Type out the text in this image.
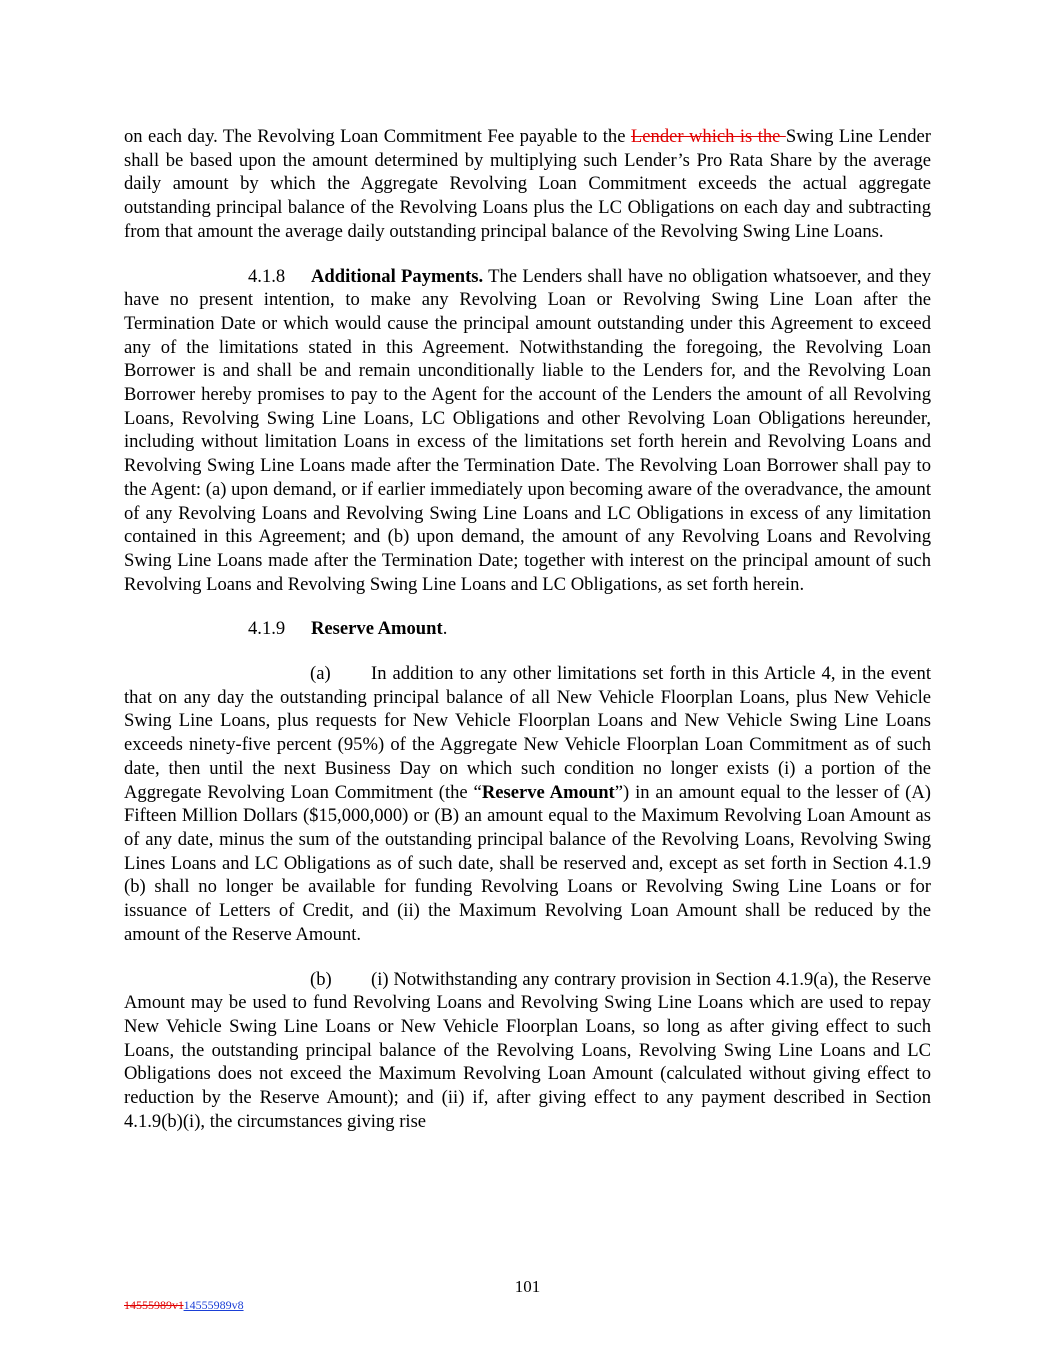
on each day. The Revolving Loan Commitment Fee payable to the Lender which is the Swing Line Lender shall be based upon the amount determined by multiplying such Lender’s Pro Rata Share by the average daily amount by which the Aggregate Revolving Loan Commitment exceeds the actual aggregate outstanding principal balance of the Revolving Loans plus the LC Obligations on each day and subtracting from that amount the average daily outstanding principal balance of the Revolving Swing Line Loans.

4.1.8 Additional Payments. The Lenders shall have no obligation whatsoever, and they have no present intention, to make any Revolving Loan or Revolving Swing Line Loan after the Termination Date or which would cause the principal amount outstanding under this Agreement to exceed any of the limitations stated in this Agreement. Notwithstanding the foregoing, the Revolving Loan Borrower is and shall be and remain unconditionally liable to the Lenders for, and the Revolving Loan Borrower hereby promises to pay to the Agent for the account of the Lenders the amount of all Revolving Loans, Revolving Swing Line Loans, LC Obligations and other Revolving Loan Obligations hereunder, including without limitation Loans in excess of the limitations set forth herein and Revolving Loans and Revolving Swing Line Loans made after the Termination Date. The Revolving Loan Borrower shall pay to the Agent: (a) upon demand, or if earlier immediately upon becoming aware of the overadvance, the amount of any Revolving Loans and Revolving Swing Line Loans and LC Obligations in excess of any limitation contained in this Agreement; and (b) upon demand, the amount of any Revolving Loans and Revolving Swing Line Loans made after the Termination Date; together with interest on the principal amount of such Revolving Loans and Revolving Swing Line Loans and LC Obligations, as set forth herein.

4.1.9 Reserve Amount.

(a) In addition to any other limitations set forth in this Article 4, in the event that on any day the outstanding principal balance of all New Vehicle Floorplan Loans, plus New Vehicle Swing Line Loans, plus requests for New Vehicle Floorplan Loans and New Vehicle Swing Line Loans exceeds ninety-five percent (95%) of the Aggregate New Vehicle Floorplan Loan Commitment as of such date, then until the next Business Day on which such condition no longer exists (i) a portion of the Aggregate Revolving Loan Commitment (the “Reserve Amount”) in an amount equal to the lesser of (A) Fifteen Million Dollars ($15,000,000) or (B) an amount equal to the Maximum Revolving Loan Amount as of any date, minus the sum of the outstanding principal balance of the Revolving Loans, Revolving Swing Lines Loans and LC Obligations as of such date, shall be reserved and, except as set forth in Section 4.1.9 (b) shall no longer be available for funding Revolving Loans or Revolving Swing Line Loans or for issuance of Letters of Credit, and (ii) the Maximum Revolving Loan Amount shall be reduced by the amount of the Reserve Amount.

(b) (i) Notwithstanding any contrary provision in Section 4.1.9(a), the Reserve Amount may be used to fund Revolving Loans and Revolving Swing Line Loans which are used to repay New Vehicle Swing Line Loans or New Vehicle Floorplan Loans, so long as after giving effect to such Loans, the outstanding principal balance of the Revolving Loans, Revolving Swing Line Loans and LC Obligations does not exceed the Maximum Revolving Loan Amount (calculated without giving effect to reduction by the Reserve Amount); and (ii) if, after giving effect to any payment described in Section 4.1.9(b)(i), the circumstances giving rise

101
14555989v114555989v8
